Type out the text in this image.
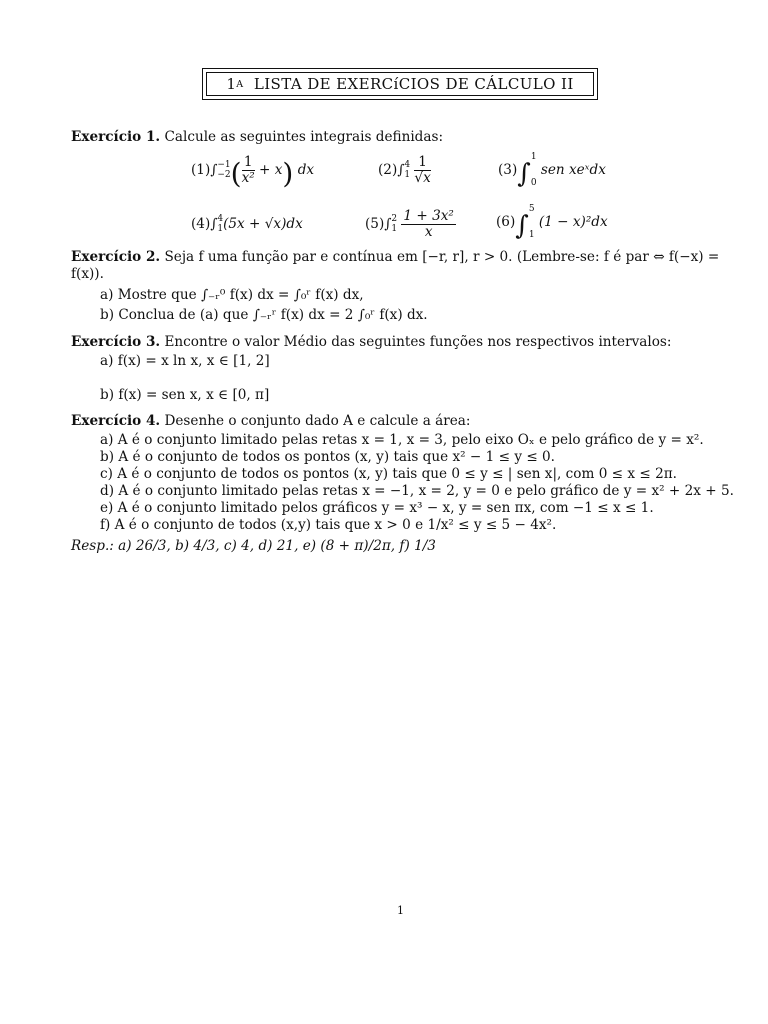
1 A
LISTA DE EXERCíCIOS DE CÁLCULO II
Exercício 1. Calcule as seguintes integrais definidas:
(1) ∫ −1
−2 ( $\frac{1}{\text{x²}}$
+ x )
dx	(2) ∫ 4
1
$\frac{1}{√x}$	(3) ∫
1
0

sen xeˣdx
(4) ∫ 4
1 (5x + √x)dx	(5) ∫ 2
1
$\frac{\text{1 + 3x²}}{x}$	(6) ∫
5
1

(1 − x)²dx
Exercício 2. Seja f uma função par e contínua em [−r, r], r > 0. (Lembre-se: f é par ⇔ f(−x) =
f(x)).
a) Mostre que ∫₋ᵣ⁰ f(x) dx = ∫₀ʳ f(x) dx,
b) Conclua de (a) que ∫₋ᵣʳ f(x) dx = 2 ∫₀ʳ f(x) dx.
Exercício 3. Encontre o valor Médio das seguintes funções nos respectivos intervalos:
a) f(x) = x ln x, x ∈ [1, 2]
b) f(x) = sen x, x ∈ [0, π]
Exercício 4. Desenhe o conjunto dado A e calcule a área:
a) A é o conjunto limitado pelas retas x = 1, x = 3, pelo eixo Oₓ e pelo gráfico de y = x².
b) A é o conjunto de todos os pontos (x, y) tais que x² − 1 ≤ y ≤ 0.
c) A é o conjunto de todos os pontos (x, y) tais que 0 ≤ y ≤ | sen x|, com 0 ≤ x ≤ 2π.
d) A é o conjunto limitado pelas retas x = −1, x = 2, y = 0 e pelo gráfico de y = x² + 2x + 5.
e) A é o conjunto limitado pelos gráficos y = x³ − x, y = sen πx, com −1 ≤ x ≤ 1.
f) A é o conjunto de todos (x,y) tais que x > 0 e 1/x² ≤ y ≤ 5 − 4x².
Resp.: a) 26/3, b) 4/3, c) 4, d) 21, e) (8 + π)/2π, f) 1/3
1
